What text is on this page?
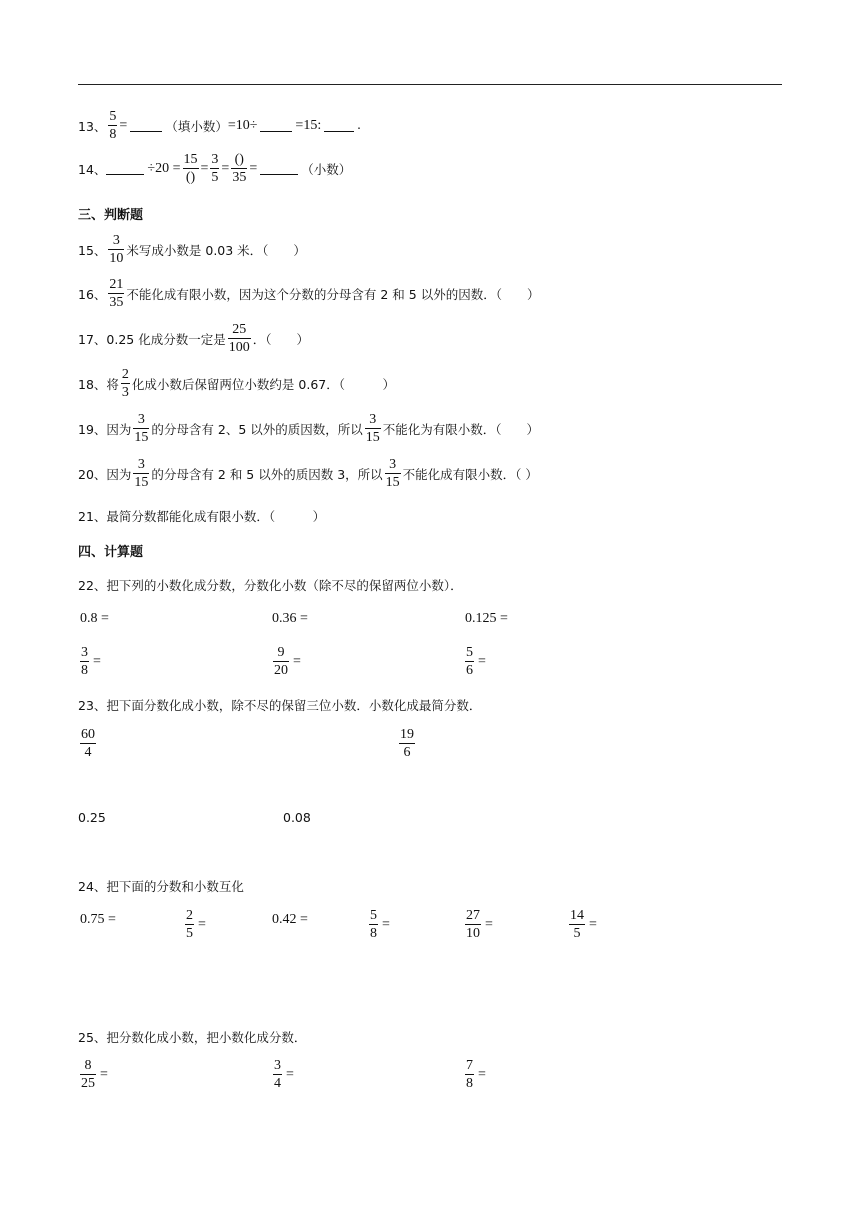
13、 $\frac{5}{8}$ =	（填小数） =10÷	=15:	.
14、	$\div 20 = \frac{15}{()} = \frac{3}{5} = \frac{()}{35}$ =	（小数）
三、判断题
15、 $\frac{3}{10}$ 米写成小数是 0.03 米．（　　）
16、 $\frac{21}{35}$ 不能化成有限小数，因为这个分数的分母含有 2 和 5 以外的因数．（　　）
17、 0.25 化成分数一定是 $\frac{25}{100}$ ．（　　）
18、 将 $\frac{2}{3}$ 化成小数后保留两位小数约是 0.67．（　　　）
19、 因为 $\frac{3}{15}$ 的分母含有 2、5 以外的质因数，所以 $\frac{3}{15}$ 不能化为有限小数．（　　）
20、 因为 $\frac{3}{15}$ 的分母含有 2 和 5 以外的质因数 3，所以 $\frac{3}{15}$ 不能化成有限小数．（ ）
21、 最简分数都能化成有限小数．（　　　）
四、计算题
22、 把下列的小数化成分数，分数化小数（除不尽的保留两位小数）．
0.8 =	0.36 =	0.125 =
$\frac{3}{8}$ =	$\frac{9}{20}$ =	$\frac{5}{6}$ =
23、 把下面分数化成小数，除不尽的保留三位小数．小数化成最简分数．
$\frac{60}{4}$	$\frac{19}{6}$
0.25	0.08
24、 把下面的分数和小数互化
0.75 =	$\frac{2}{5}$ =	0.42 =	$\frac{5}{8}$ =	$\frac{27}{10}$ =	$\frac{14}{5}$ =
25、 把分数化成小数，把小数化成分数．
$\frac{8}{25}$ =	$\frac{3}{4}$ =	$\frac{7}{8}$ =
